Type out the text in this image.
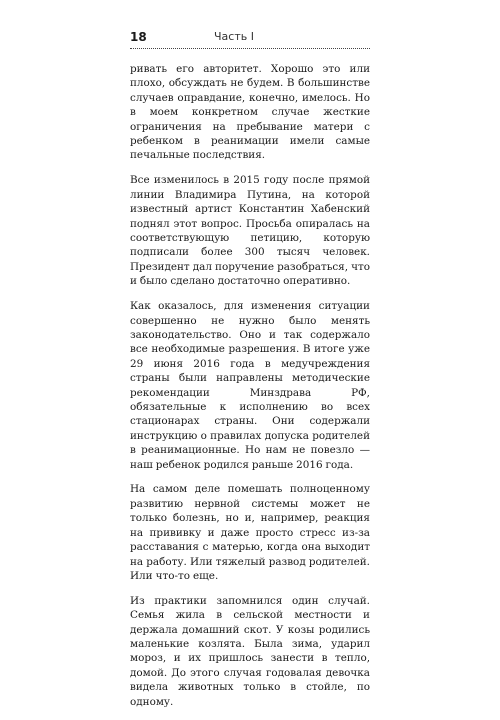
18	Часть I

ривать его авторитет. Хорошо это или плохо, обсуждать не будем. В большинстве случаев оправдание, конечно, имелось. Но в моем конкретном случае жесткие ограничения на пребывание матери с ребенком в реанимации имели самые печальные последствия.

Все изменилось в 2015 году после прямой линии Владимира Путина, на которой известный артист Константин Хабенский поднял этот вопрос. Просьба опиралась на соответствующую петицию, которую подписали более 300 тысяч человек. Президент дал поручение разобраться, что и было сделано достаточно оперативно.

Как оказалось, для изменения ситуации совершенно не нужно было менять законодательство. Оно и так содержало все необходимые разрешения. В итоге уже 29 июня 2016 года в медучреждения страны были направлены методические рекомендации Минздрава РФ, обязательные к исполнению во всех стационарах страны. Они содержали инструкцию о правилах допуска родителей в реанимационные. Но нам не повезло — наш ребенок родился раньше 2016 года.

На самом деле помешать полноценному развитию нервной системы может не только болезнь, но и, например, реакция на прививку и даже просто стресс из-за расставания с матерью, когда она выходит на работу. Или тяжелый развод родителей. Или что-то еще.

Из практики запомнился один случай. Семья жила в сельской местности и держала домашний скот. У козы родились маленькие козлята. Была зима, ударил мороз, и их пришлось занести в тепло, домой. До этого случая годовалая девочка видела животных только в стойле, по одному.
